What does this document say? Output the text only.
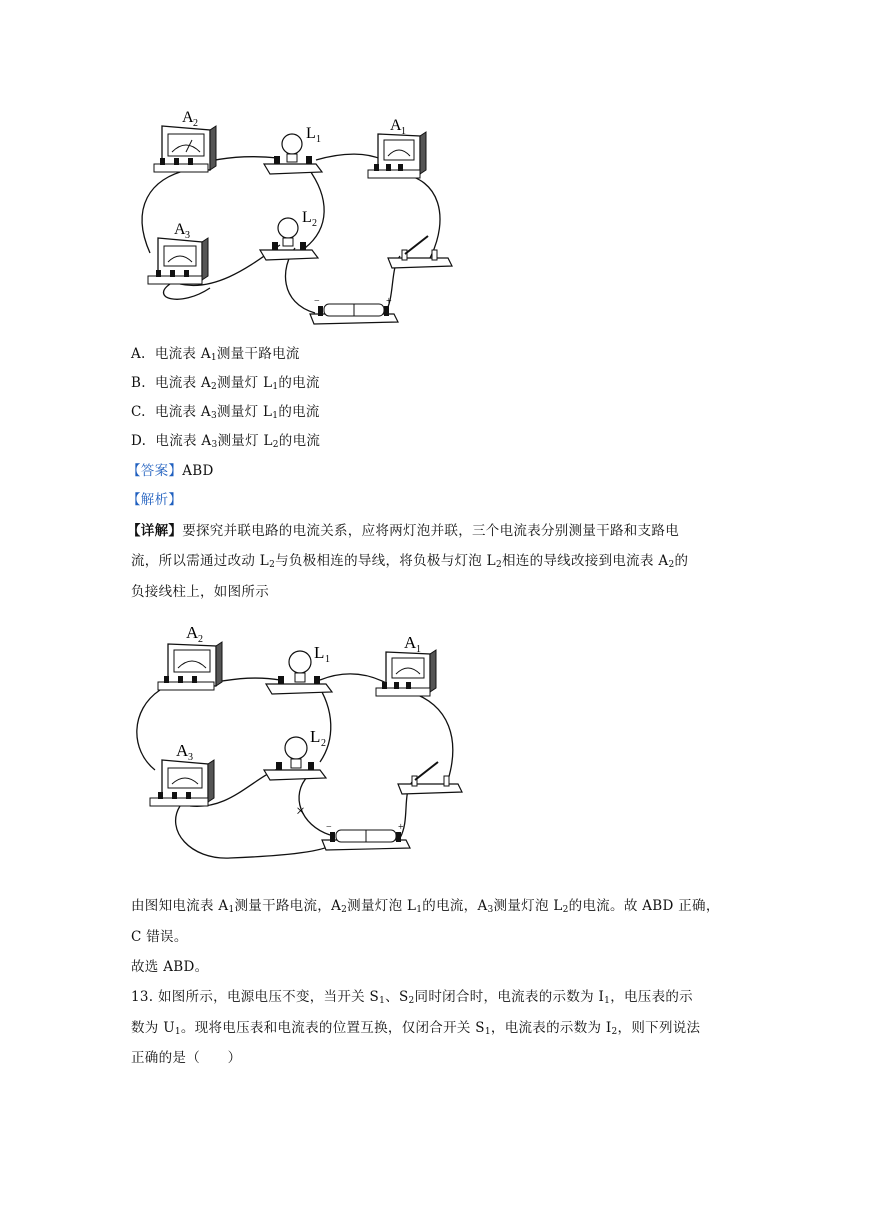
A 2
L 1
A 1
A 3
L 2
−	+
A. 电流表 $A_1$测量干路电流
B. 电流表 $A_2$测量灯 $L_1$的电流
C. 电流表 $A_3$测量灯 $L_1$的电流
D. 电流表 $A_3$测量灯 $L_2$的电流
【答案】ABD
【解析】
【详解】要探究并联电路的电流关系，应将两灯泡并联，三个电流表分别测量干路和支路电
流，所以需通过改动 $L_2$与负极相连的导线，将负极与灯泡 $L_2$相连的导线改接到电流表 $A_2$的
负接线柱上，如图所示
×
A 2
L 1
A 1
A 3
L 2
−	+
由图知电流表 $A_1$测量干路电流，$A_2$测量灯泡 $L_1$的电流，$A_3$测量灯泡 $L_2$的电流。故 ABD 正确，
C 错误。
故选 ABD。
13. 如图所示，电源电压不变，当开关 $S_1$、$S_2$同时闭合时，电流表的示数为 $I_1$，电压表的示
数为 $U_1$。现将电压表和电流表的位置互换，仅闭合开关 $S_1$，电流表的示数为 $I_2$，则下列说法
正确的是（　　）
